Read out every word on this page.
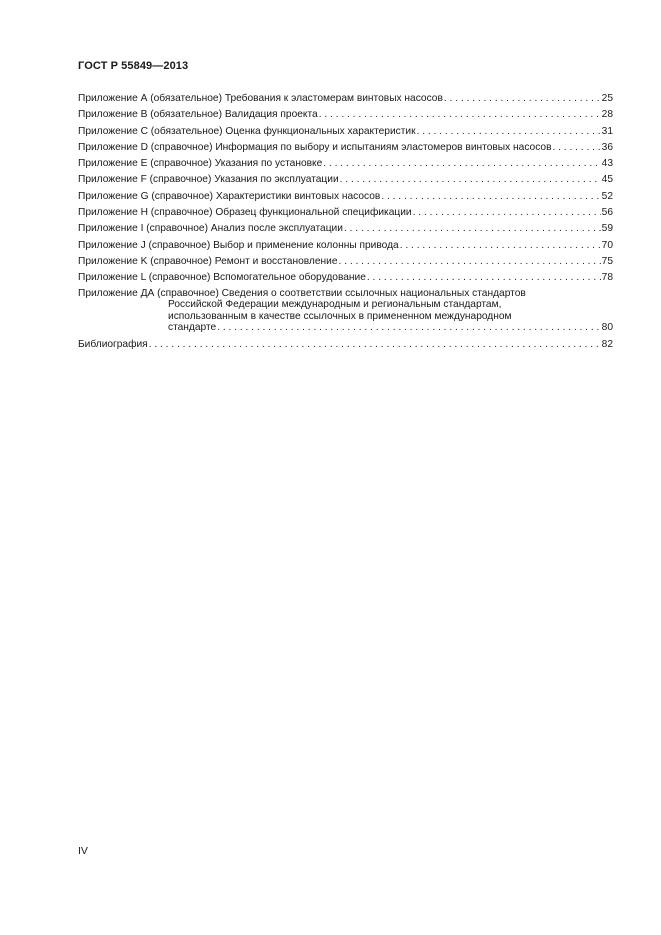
ГОСТ Р 55849—2013
Приложение А (обязательное) Требования к эластомерам винтовых насосов . . .	25
Приложение В (обязательное) Валидация проекта . . .	28
Приложение С (обязательное) Оценка функциональных характеристик . . .	31
Приложение D (справочное) Информация по выбору и испытаниям эластомеров винтовых насосов . . .	36
Приложение Е (справочное) Указания по установке . . .	43
Приложение F (справочное) Указания по эксплуатации . . .	45
Приложение G (справочное) Характеристики винтовых насосов . . .	52
Приложение Н (справочное) Образец функциональной спецификации . . .	56
Приложение I (справочное) Анализ после эксплуатации . . .	59
Приложение J (справочное) Выбор и применение колонны привода . . .	70
Приложение K (справочное) Ремонт и восстановление . . .	75
Приложение L (справочное) Вспомогательное оборудование . . .	78
Приложение ДА (справочное) Сведения о соответствии ссылочных национальных стандартов
Российской Федерации международным и региональным стандартам,
использованным в качестве ссылочных в примененном международном
стандарте . . .	80
Библиография . . .	82
IV
